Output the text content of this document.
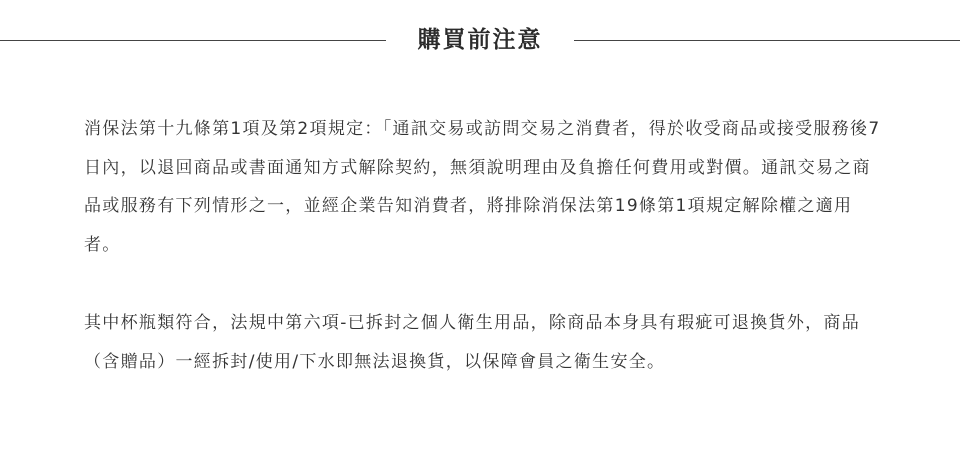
購買前注意

消保法第十九條第1項及第2項規定：「通訊交易或訪問交易之消費者，得於收受商品或接受服務後7日內，以退回商品或書面通知方式解除契約，無須說明理由及負擔任何費用或對價。通訊交易之商品或服務有下列情形之一，並經企業告知消費者，將排除消保法第19條第1項規定解除權之適用者。

其中杯瓶類符合，法規中第六項-已拆封之個人衛生用品，除商品本身具有瑕疵可退換貨外，商品（含贈品）一經拆封/使用/下水即無法退換貨，以保障會員之衛生安全。
